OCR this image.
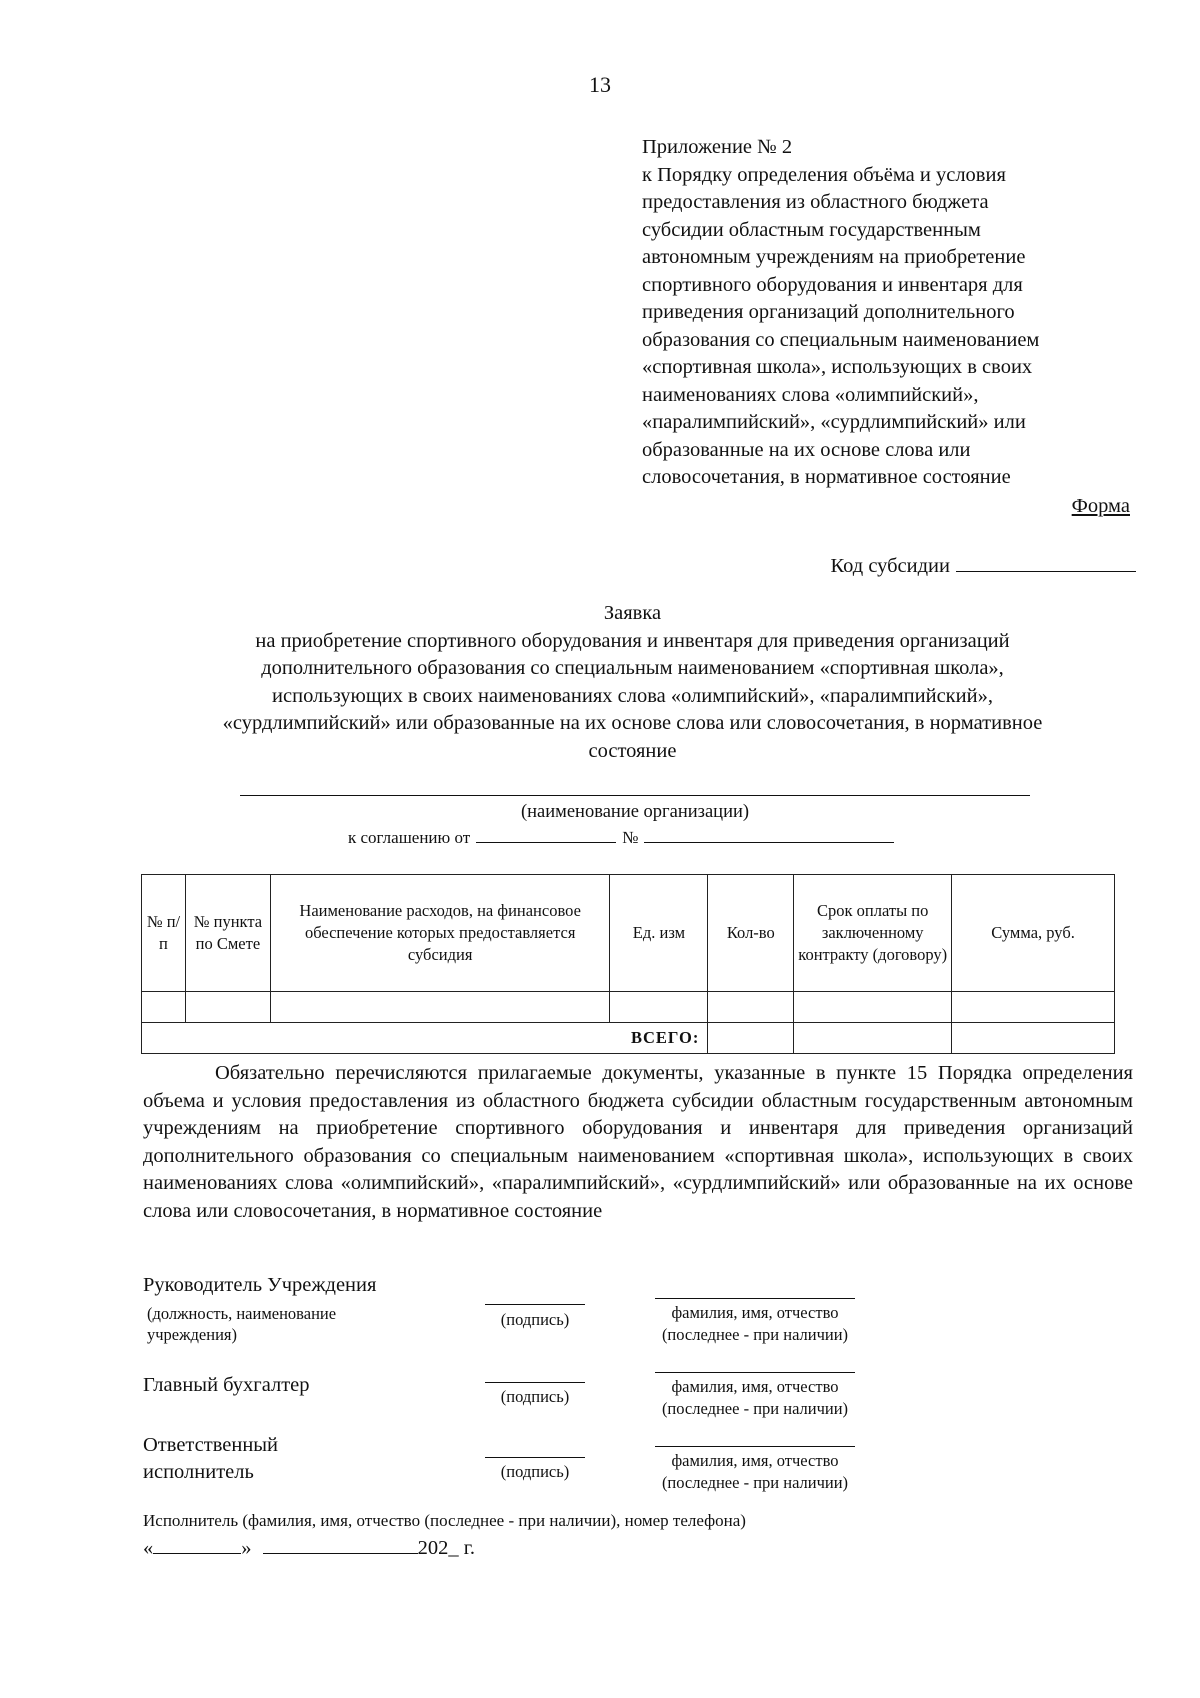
13
Приложение № 2
к Порядку определения объёма и условия
предоставления из областного бюджета
субсидии областным государственным
автономным учреждениям на приобретение
спортивного оборудования и инвентаря для
приведения организаций дополнительного
образования со специальным наименованием
«спортивная школа», использующих в своих
наименованиях слова «олимпийский»,
«паралимпийский», «сурдлимпийский» или
образованные на их основе слова или
словосочетания, в нормативное состояние
Форма
Код субсидии
Заявка
на приобретение спортивного оборудования и инвентаря для приведения организаций
дополнительного образования со специальным наименованием «спортивная школа»,
использующих в своих наименованиях слова «олимпийский», «паралимпийский»,
«сурдлимпийский» или образованные на их основе слова или словосочетания, в нормативное
состояние
(наименование организации)
к соглашению от	№
№ п/п	№ пункта по Смете	Наименование расходов, на финансовое обеспечение которых предоставляется субсидия	Ед. изм	Кол-во	Срок оплаты по заключенному контракту (договору)	Сумма, руб.

ВСЕГО:						

Обязательно перечисляются прилагаемые документы, указанные в пункте 15 Порядка определения объема и условия предоставления из областного бюджета субсидии областным государственным автономным учреждениям на приобретение спортивного оборудования и инвентаря для приведения организаций дополнительного образования со специальным наименованием «спортивная школа», использующих в своих наименованиях слова «олимпийский», «паралимпийский», «сурдлимпийский» или образованные на их основе слова или словосочетания, в нормативное состояние

Руководитель Учреждения
(должность, наименование
учреждения)
(подпись)	фамилия, имя, отчество
(последнее - при наличии)
Главный бухгалтер
(подпись)
фамилия, имя, отчество
(последнее - при наличии)
Ответственный
исполнитель	(подпись)
фамилия, имя, отчество
(последнее - при наличии)
Исполнитель (фамилия, имя, отчество (последнее - при наличии), номер телефона)
«	»	202_ г.
